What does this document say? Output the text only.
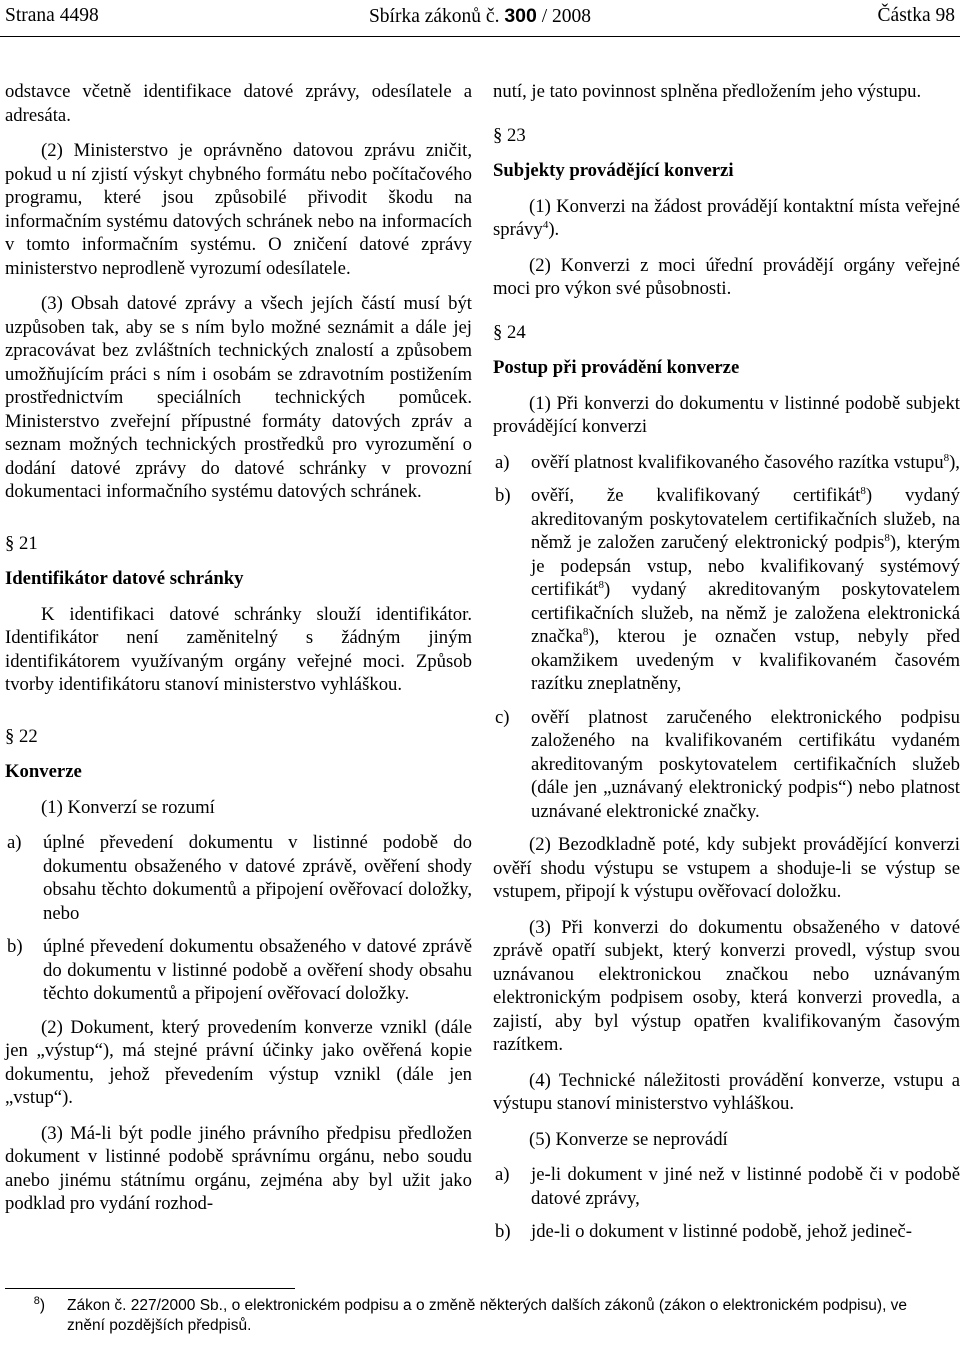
Strana 4498	Sbírka zákonů č. 300 / 2008	Částka 98

odstavce včetně identifikace datové zprávy, odesílatele a adresáta.

(2) Ministerstvo je oprávněno datovou zprávu zničit, pokud u ní zjistí výskyt chybného formátu nebo počítačového programu, které jsou způsobilé přivodit škodu na informačním systému datových schránek nebo na informacích v tomto informačním systému. O zničení datové zprávy ministerstvo neprodleně vyrozumí odesílatele.

(3) Obsah datové zprávy a všech jejích částí musí být uzpůsoben tak, aby se s ním bylo možné seznámit a dále jej zpracovávat bez zvláštních technických znalostí a způsobem umožňujícím práci s ním i osobám se zdravotním postižením prostřednictvím speciálních technických pomůcek. Ministerstvo zveřejní přípustné formáty datových zpráv a seznam možných technických prostředků pro vyrozumění o dodání datové zprávy do datové schránky v provozní dokumentaci informačního systému datových schránek.

§ 21

Identifikátor datové schránky

K identifikaci datové schránky slouží identifikátor. Identifikátor není zaměnitelný s žádným jiným identifikátorem využívaným orgány veřejné moci. Způsob tvorby identifikátoru stanoví ministerstvo vyhláškou.

§ 22

Konverze

(1) Konverzí se rozumí

a) úplné převedení dokumentu v listinné podobě do dokumentu obsaženého v datové zprávě, ověření shody obsahu těchto dokumentů a připojení ověřovací doložky, nebo
b) úplné převedení dokumentu obsaženého v datové zprávě do dokumentu v listinné podobě a ověření shody obsahu těchto dokumentů a připojení ověřovací doložky.

(2) Dokument, který provedením konverze vznikl (dále jen „výstup“), má stejné právní účinky jako ověřená kopie dokumentu, jehož převedením výstup vznikl (dále jen „vstup“).

(3) Má-li být podle jiného právního předpisu předložen dokument v listinné podobě správnímu orgánu, nebo soudu anebo jinému státnímu orgánu, zejména aby byl užit jako podklad pro vydání rozhod-

nutí, je tato povinnost splněna předložením jeho výstupu.

§ 23

Subjekty provádějící konverzi

(1) Konverzi na žádost provádějí kontaktní místa veřejné správy$^4$).

(2) Konverzi z moci úřední provádějí orgány veřejné moci pro výkon své působnosti.

§ 24

Postup při provádění konverze

(1) Při konverzi do dokumentu v listinné podobě subjekt provádějící konverzi

a) ověří platnost kvalifikovaného časového razítka vstupu$^8$),
b) ověří, že kvalifikovaný certifikát$^8$) vydaný akreditovaným poskytovatelem certifikačních služeb, na němž je založen zaručený elektronický podpis$^8$), kterým je podepsán vstup, nebo kvalifikovaný systémový certifikát$^8$) vydaný akreditovaným poskytovatelem certifikačních služeb, na němž je založena elektronická značka$^8$), kterou je označen vstup, nebyly před okamžikem uvedeným v kvalifikovaném časovém razítku zneplatněny,
c) ověří platnost zaručeného elektronického podpisu založeného na kvalifikovaném certifikátu vydaném akreditovaným poskytovatelem certifikačních služeb (dále jen „uznávaný elektronický podpis“) nebo platnost uznávané elektronické značky.

(2) Bezodkladně poté, kdy subjekt provádějící konverzi ověří shodu výstupu se vstupem a shoduje-li se výstup se vstupem, připojí k výstupu ověřovací doložku.

(3) Při konverzi do dokumentu obsaženého v datové zprávě opatří subjekt, který konverzi provedl, výstup svou uznávanou elektronickou značkou nebo uznávaným elektronickým podpisem osoby, která konverzi provedla, a zajistí, aby byl výstup opatřen kvalifikovaným časovým razítkem.

(4) Technické náležitosti provádění konverze, vstupu a výstupu stanoví ministerstvo vyhláškou.

(5) Konverze se neprovádí

a) je-li dokument v jiné než v listinné podobě či v podobě datové zprávy,
b) jde-li o dokument v listinné podobě, jehož jedineč-
$^8$) Zákon č. 227/2000 Sb., o elektronickém podpisu a o změně některých dalších zákonů (zákon o elektronickém podpisu), ve
znění pozdějších předpisů.
